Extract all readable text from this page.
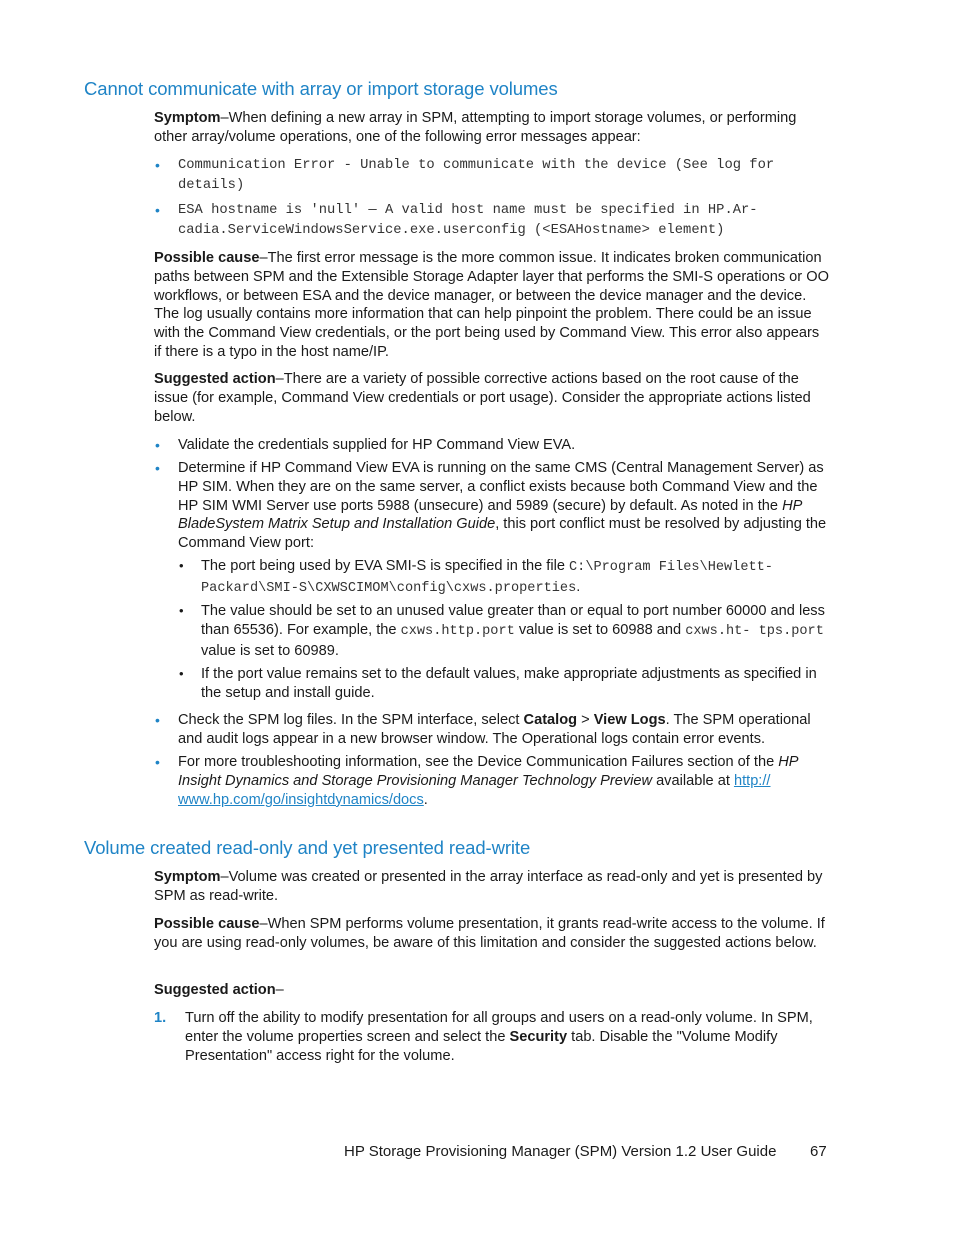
Cannot communicate with array or import storage volumes

Symptom–When defining a new array in SPM, attempting to import storage volumes, or performing other array/volume operations, one of the following error messages appear:

• Communication Error - Unable to communicate with the device (See log for details)
• ESA hostname is 'null' — A valid host name must be specified in HP.Ar- cadia.ServiceWindowsService.exe.userconfig (<ESAHostname> element)

Possible cause–The first error message is the more common issue. It indicates broken communication paths between SPM and the Extensible Storage Adapter layer that performs the SMI-S operations or OO workflows, or between ESA and the device manager, or between the device manager and the device. The log usually contains more information that can help pinpoint the problem. There could be an issue with the Command View credentials, or the port being used by Command View. This error also appears if there is a typo in the host name/IP.

Suggested action–There are a variety of possible corrective actions based on the root cause of the issue (for example, Command View credentials or port usage). Consider the appropriate actions listed below.

• Validate the credentials supplied for HP Command View EVA.
• Determine if HP Command View EVA is running on the same CMS (Central Management Server) as HP SIM. When they are on the same server, a conflict exists because both Command View and the HP SIM WMI Server use ports 5988 (unsecure) and 5989 (secure) by default. As noted in the HP BladeSystem Matrix Setup and Installation Guide, this port conflict must be resolved by adjusting the Command View port:
• The port being used by EVA SMI-S is specified in the file C:\Program Files\Hewlett- Packard\SMI-S\CXWSCIMOM\config\cxws.properties.
• The value should be set to an unused value greater than or equal to port number 60000 and less than 65536). For example, the cxws.http.port value is set to 60988 and cxws.ht- tps.port value is set to 60989.
• If the port value remains set to the default values, make appropriate adjustments as specified in the setup and install guide.
• Check the SPM log files. In the SPM interface, select Catalog > View Logs. The SPM operational and audit logs appear in a new browser window. The Operational logs contain error events.
• For more troubleshooting information, see the Device Communication Failures section of the HP Insight Dynamics and Storage Provisioning Manager Technology Preview available at http:// www.hp.com/go/insightdynamics/docs.
Volume created read-only and yet presented read-write

Symptom–Volume was created or presented in the array interface as read-only and yet is presented by SPM as read-write.

Possible cause–When SPM performs volume presentation, it grants read-write access to the volume. If you are using read-only volumes, be aware of this limitation and consider the suggested actions below.

Suggested action–

1. Turn off the ability to modify presentation for all groups and users on a read-only volume. In SPM, enter the volume properties screen and select the Security tab. Disable the "Volume Modify Presentation" access right for the volume.
HP Storage Provisioning Manager (SPM) Version 1.2 User Guide 67
